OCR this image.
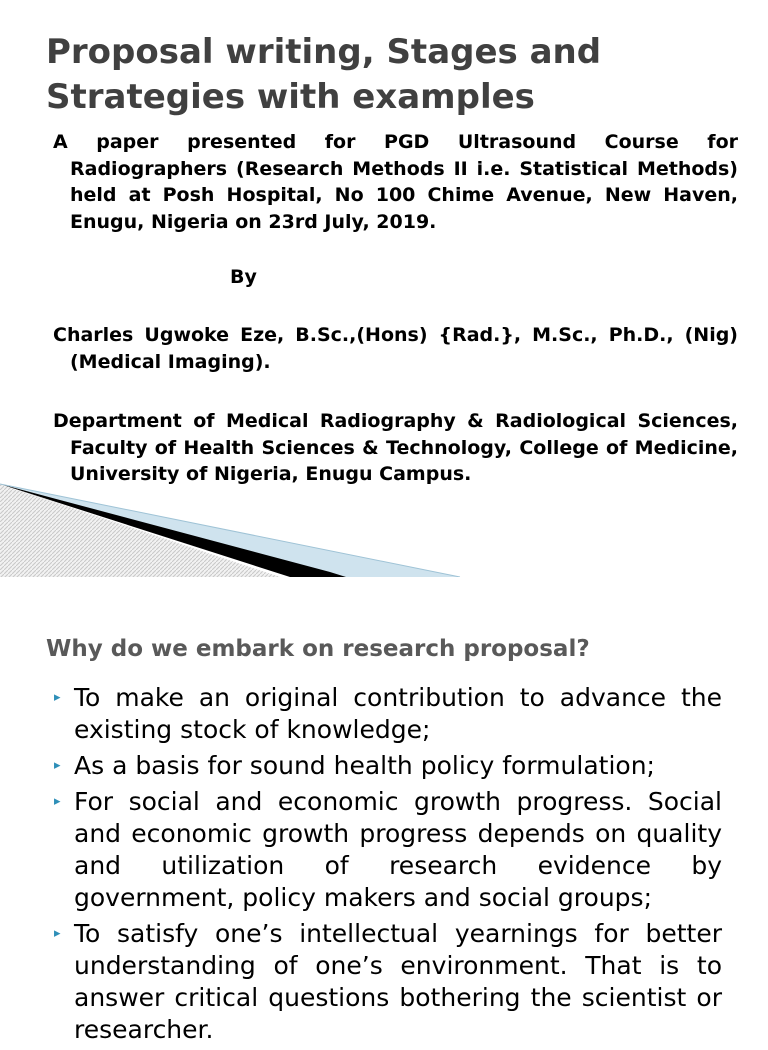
Proposal writing, Stages and Strategies with examples
A paper presented for PGD Ultrasound Course for Radiographers (Research Methods II i.e. Statistical Methods) held at Posh Hospital, No 100 Chime Avenue, New Haven, Enugu, Nigeria on 23rd July, 2019.
By
Charles Ugwoke Eze, B.Sc.,(Hons) {Rad.}, M.Sc., Ph.D., (Nig) (Medical Imaging).
Department of Medical Radiography & Radiological Sciences, Faculty of Health Sciences & Technology, College of Medicine, University of Nigeria, Enugu Campus.
Why do we embark on research proposal?
▸ To make an original contribution to advance the existing stock of knowledge;
▸ As a basis for sound health policy formulation;
▸ For social and economic growth progress. Social and economic growth progress depends on quality and utilization of research evidence by government, policy makers and social groups;
▸ To satisfy one’s intellectual yearnings for better understanding of one’s environment. That is to answer critical questions bothering the scientist or researcher.
